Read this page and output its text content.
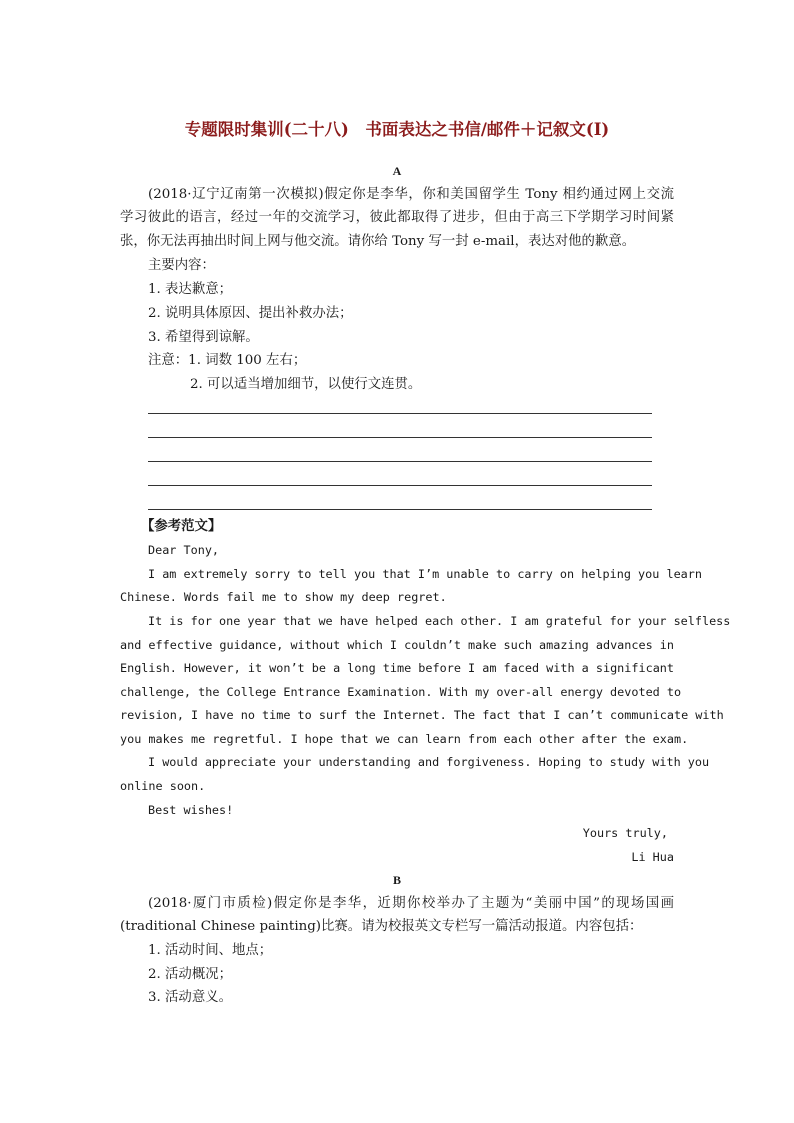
专题限时集训(二十八)　书面表达之书信/邮件＋记叙文(Ⅰ)
A
(2018·辽宁辽南第一次模拟)假定你是李华，你和美国留学生 Tony 相约通过网上交流
学习彼此的语言，经过一年的交流学习，彼此都取得了进步，但由于高三下学期学习时间紧
张，你无法再抽出时间上网与他交流。请你给 Tony 写一封 e-mail，表达对他的歉意。
主要内容：
1. 表达歉意；
2. 说明具体原因、提出补救办法；
3. 希望得到谅解。
注意：1. 词数 100 左右；
2. 可以适当增加细节，以使行文连贯。
【参考范文】
Dear Tony,
I am extremely sorry to tell you that I’m unable to carry on helping you learn
Chinese. Words fail me to show my deep regret.
It is for one year that we have helped each other. I am grateful for your selfless
and effective guidance, without which I couldn’t make such amazing advances in
English. However, it won’t be a long time before I am faced with a significant
challenge, the College Entrance Examination. With my over-all energy devoted to
revision, I have no time to surf the Internet. The fact that I can’t communicate with
you makes me regretful. I hope that we can learn from each other after the exam.
I would appreciate your understanding and forgiveness. Hoping to study with you
online soon.
Best wishes!
Yours truly,
Li Hua
B
(2018·厦门市质检)假定你是李华，近期你校举办了主题为“美丽中国”的现场国画
(traditional Chinese painting)比赛。请为校报英文专栏写一篇活动报道。内容包括：
1. 活动时间、地点；
2. 活动概况；
3. 活动意义。
